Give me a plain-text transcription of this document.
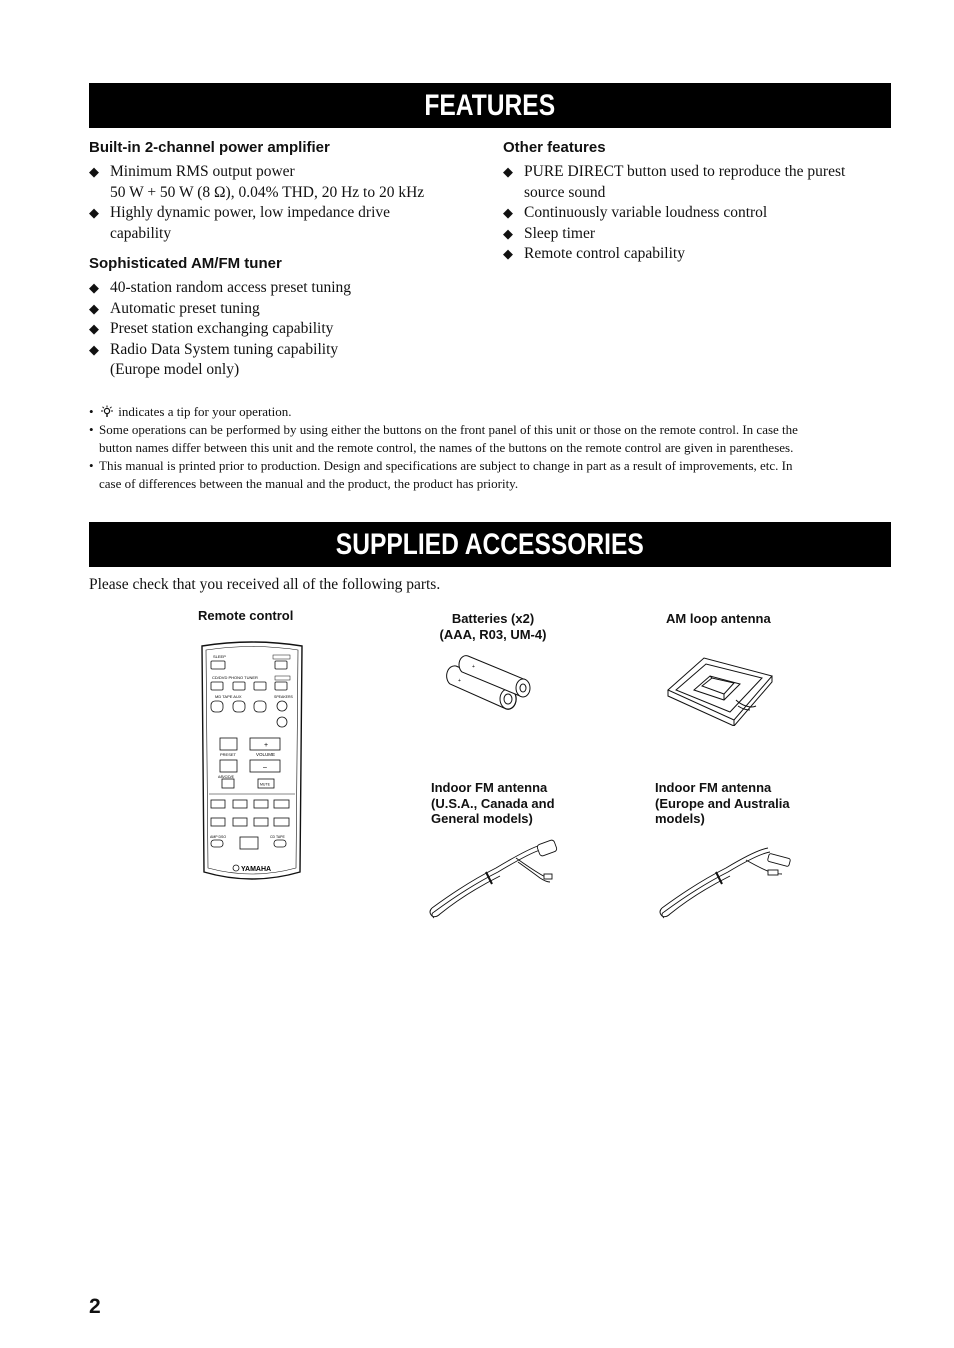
FEATURES
Built-in 2-channel power amplifier
◆ Minimum RMS output power
50 W + 50 W (8 Ω), 0.04% THD, 20 Hz to 20 kHz
◆ Highly dynamic power, low impedance drive
capability
Sophisticated AM/FM tuner
◆ 40-station random access preset tuning
◆ Automatic preset tuning
◆ Preset station exchanging capability
◆ Radio Data System tuning capability
(Europe model only)
Other features
◆ PURE DIRECT button used to reproduce the purest
source sound
◆ Continuously variable loudness control
◆ Sleep timer
◆ Remote control capability
• indicates a tip for your operation.
• Some operations can be performed by using either the buttons on the front panel of this unit or those on the remote control. In case the
button names differ between this unit and the remote control, the names of the buttons on the remote control are given in parentheses.
• This manual is printed prior to production. Design and specifications are subject to change in part as a result of improvements, etc. In
case of differences between the manual and the product, the product has priority.
SUPPLIED ACCESSORIES
Please check that you received all of the following parts.
Remote control	Batteries (x2)
(AAA, R03, UM-4)
AM loop antenna
Indoor FM antenna
(U.S.A., Canada and
General models)
Indoor FM antenna
(Europe and Australia
models)
SLEEP
CD/DVD PHONO TUNER
MD TAPE AUX	SPEAKERS
+
PRESET	VOLUME
–
A/B/C/D/E
MUTE
AMP DSO	CD TAPE
YAMAHA
+
+
2
